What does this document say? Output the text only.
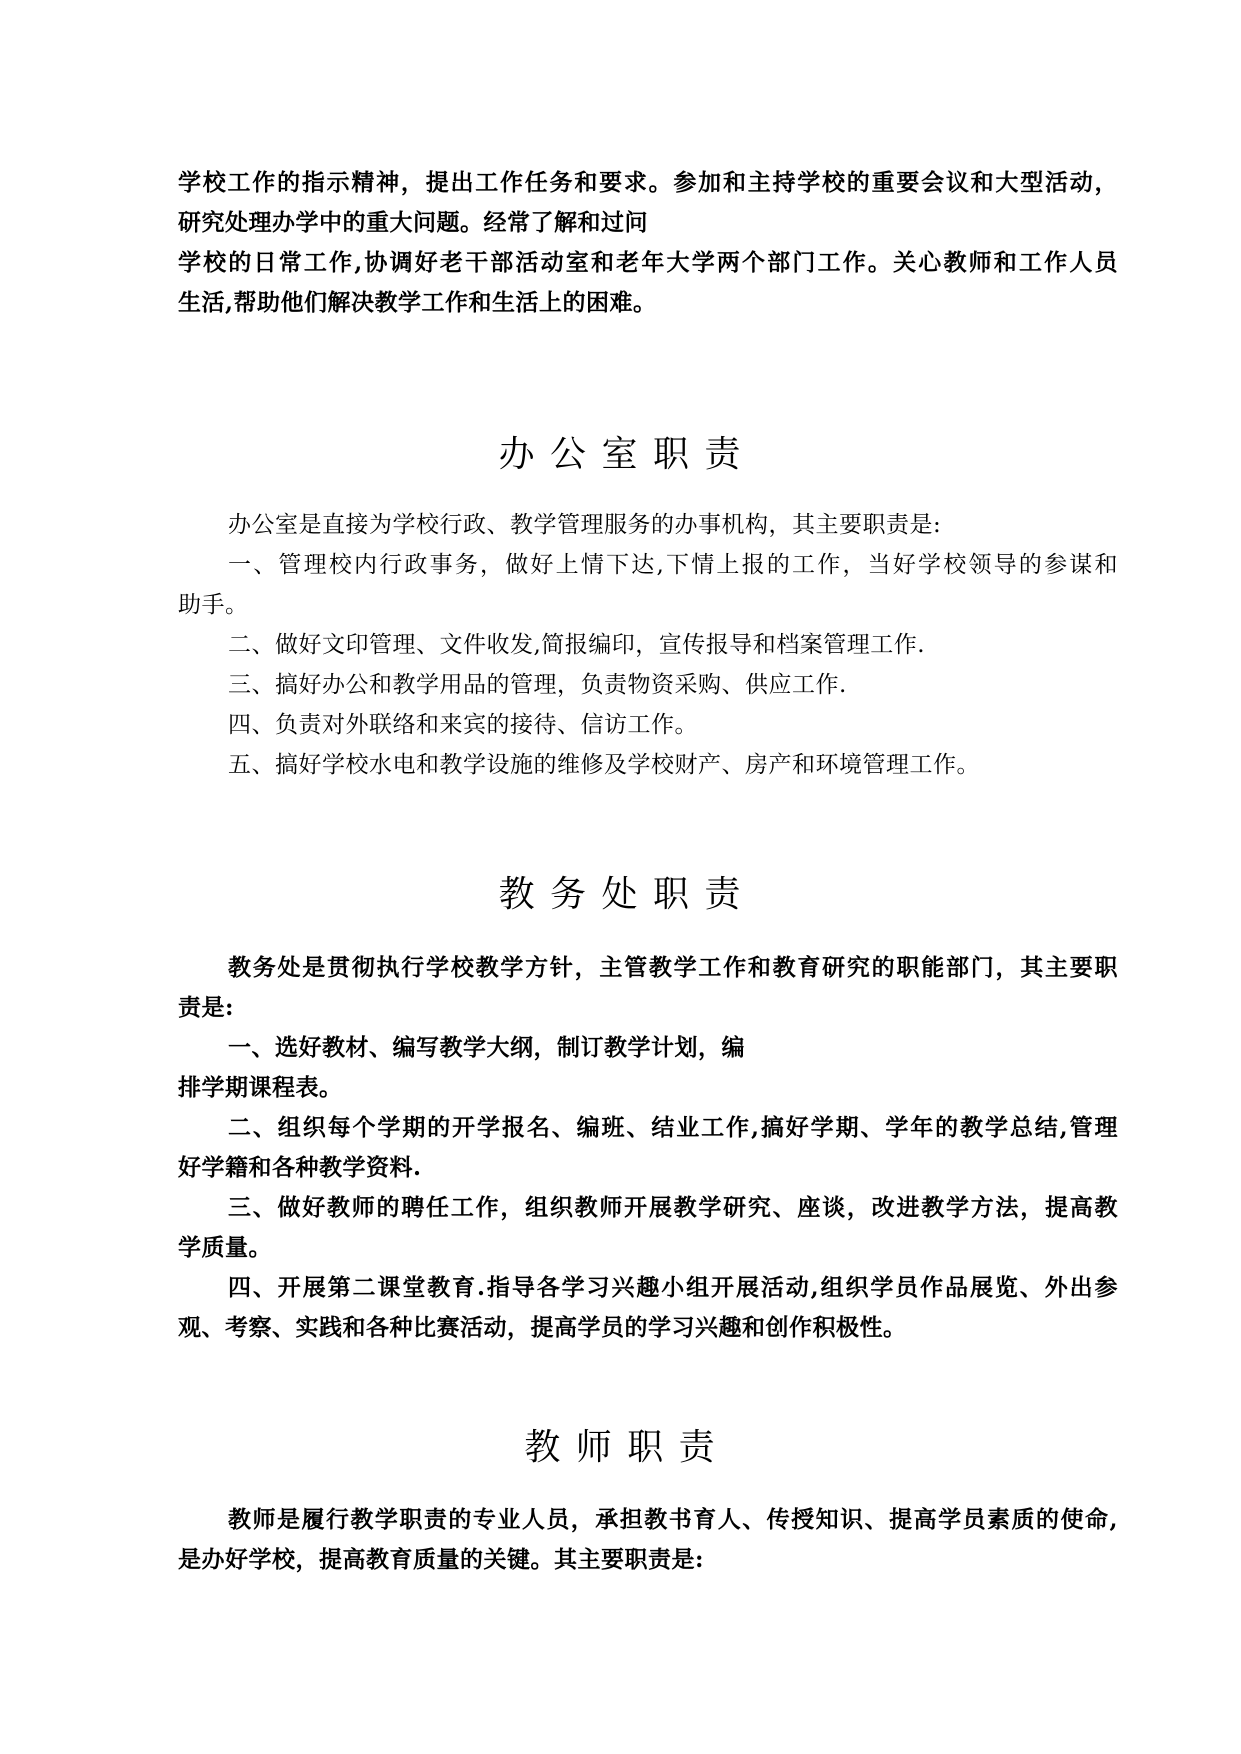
学校工作的指示精神，提出工作任务和要求。参加和主持学校的重要会议和大型活动，
研究处理办学中的重大问题。经常了解和过问
学校的日常工作,协调好老干部活动室和老年大学两个部门工作。关心教师和工作人员
生活,帮助他们解决教学工作和生活上的困难。
办 公 室 职 责
办公室是直接为学校行政、教学管理服务的办事机构，其主要职责是:
一、管理校内行政事务，做好上情下达,下情上报的工作，当好学校领导的参谋和
助手。
二、做好文印管理、文件收发,简报编印，宣传报导和档案管理工作.
三、搞好办公和教学用品的管理，负责物资采购、供应工作.
四、负责对外联络和来宾的接待、信访工作。
五、搞好学校水电和教学设施的维修及学校财产、房产和环境管理工作。
教 务 处 职 责
教务处是贯彻执行学校教学方针，主管教学工作和教育研究的职能部门，其主要职
责是:
一、选好教材、编写教学大纲，制订教学计划，编
排学期课程表。
二、组织每个学期的开学报名、编班、结业工作,搞好学期、学年的教学总结,管理
好学籍和各种教学资料.
三、做好教师的聘任工作，组织教师开展教学研究、座谈，改进教学方法，提高教
学质量。
四、开展第二课堂教育.指导各学习兴趣小组开展活动,组织学员作品展览、外出参
观、考察、实践和各种比赛活动，提高学员的学习兴趣和创作积极性。
教 师 职 责
教师是履行教学职责的专业人员，承担教书育人、传授知识、提高学员素质的使命,
是办好学校，提高教育质量的关键。其主要职责是:
